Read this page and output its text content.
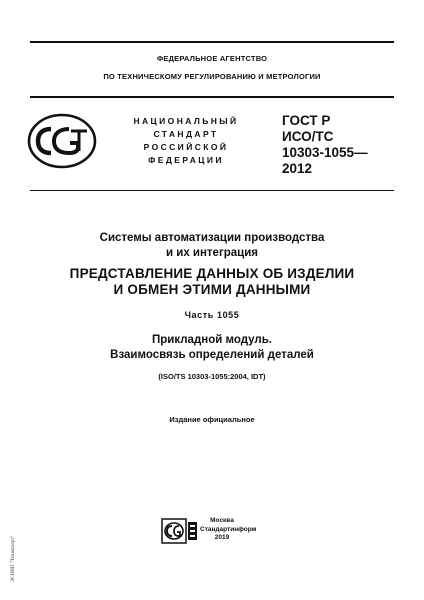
ФЕДЕРАЛЬНОЕ АГЕНТСТВО
ПО ТЕХНИЧЕСКОМУ РЕГУЛИРОВАНИЮ И МЕТРОЛОГИИ
НАЦИОНАЛЬНЫЙ
СТАНДАРТ
РОССИЙСКОЙ
ФЕДЕРАЦИИ
ГОСТ Р
ИСО/ТС
10303-1055—
2012
Системы автоматизации производства
и их интеграция
ПРЕДСТАВЛЕНИЕ ДАННЫХ ОБ ИЗДЕЛИИ
И ОБМЕН ЭТИМИ ДАННЫМИ
Часть 1055
Прикладной модуль.
Взаимосвязь определений деталей
(ISO/TS 10303-1055:2004, IDT)
Издание официальное
Москва
Стандартинформ
2019
ЭСНИП "Техэксперт"
